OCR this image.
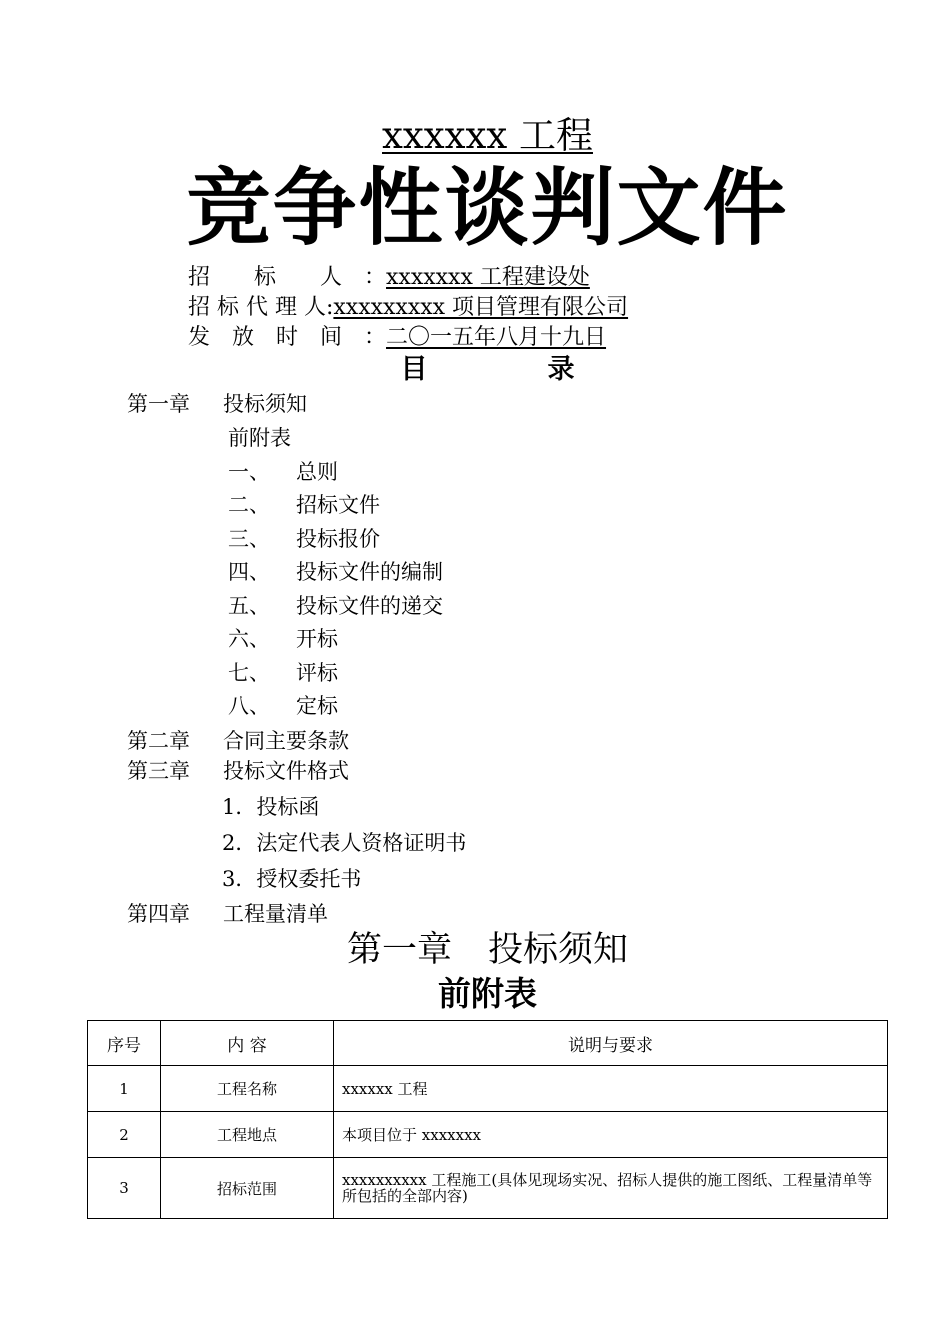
xxxxxx 工程
竞争性谈判文件
招　　标　　人　：xxxxxxx 工程建设处
招 标 代 理 人:xxxxxxxxx 项目管理有限公司
发　放　时　间　：二〇一五年八月十九日
目	录
第一章 投标须知
前附表
一、 总则
二、 招标文件
三、 投标报价
四、 投标文件的编制
五、 投标文件的递交
六、 开标
七、 评标
八、 定标
第二章 合同主要条款
第三章 投标文件格式
1．投标函
2．法定代表人资格证明书
3．授权委托书
第四章 工程量清单
第一章 投标须知
前附表
序号	内 容	说明与要求
1	工程名称	xxxxxx 工程
2	工程地点	本项目位于 xxxxxxx
3	招标范围	xxxxxxxxxx 工程施工(具体见现场实况、招标人提供的施工图纸、工程量清单等所包括的全部内容)
